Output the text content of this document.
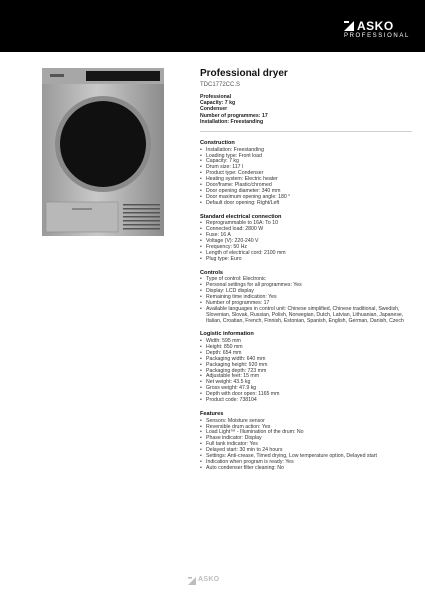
ASKO
PROFESSIONAL
Professional dryer
TDC1772CC.S
Professional
Capacity: 7 kg
Condenser
Number of programmes: 17
Installation: Freestanding
Construction
• Installation: Freestanding
• Loading type: Front load
• Capacity: 7 kg
• Drum size: 117 l
• Product type: Condenser
• Heating system: Electric heater
• Door/frame: Plastic/chromed
• Door opening diameter: 340 mm
• Door maximum opening angle: 180 °
• Default door opening: Right/Left
Standard electrical connection
• Reprogrammable to 16A: To 10
• Connected load: 2800 W
• Fuse: 16 A
• Voltage (V): 220-240 V
• Frequency: 50 Hz
• Length of electrical cord: 2100 mm
• Plug type: Euro
Controls
• Type of control: Electronic
• Personal settings for all programmes: Yes
• Display: LCD display
• Remaining time indication: Yes
• Number of programmes: 17
• Available languages in control unit: Chinese simplified, Chinese traditional, Swedish, Slovenian, Slovak, Russian, Polish, Norwegian, Dutch, Latvian, Lithuanian, Japanese, Italian, Croatian, French, Finnish, Estonian, Spanish, English, German, Danish, Czech
Logistic information
• Width: 595 mm
• Height: 850 mm
• Depth: 654 mm
• Packaging width: 640 mm
• Packaging height: 920 mm
• Packaging depth: 723 mm
• Adjustable feet: 15 mm
• Net weight: 43.5 kg
• Gross weight: 47.9 kg
• Depth with door open: 1165 mm
• Product code: 738104
Features
• Sensors: Moisture sensor
• Reversible drum action: Yes
• Load Light™ - Illumination of the drum: No
• Phase indicator: Display
• Full tank indicator: Yes
• Delayed start: 30 min to 24 hours
• Settings: Anti-crease, Timed drying, Low temperature option, Delayed start
• Indication when program is ready: Yes
• Auto condenser filter cleaning: No
ASKO
